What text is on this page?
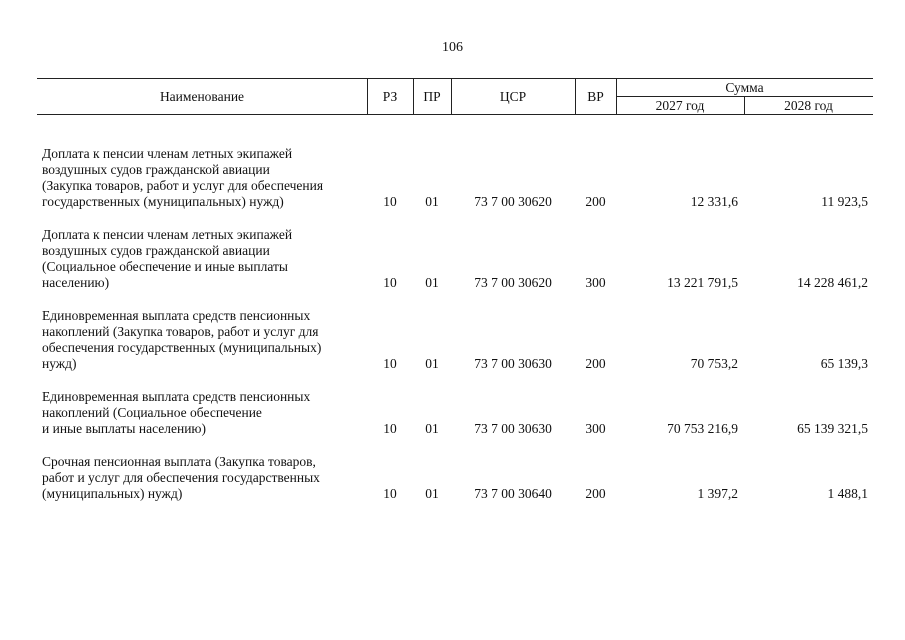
106
Наименование	РЗ	ПР	ЦСР	ВР
Сумма
2027 год	2028 год
Доплата к пенсии членам летных экипажей
воздушных судов гражданской авиации
(Закупка товаров, работ и услуг для обеспечения
государственных (муниципальных) нужд)	10	01	73 7 00 30620	200	12 331,6	11 923,5
Доплата к пенсии членам летных экипажей
воздушных судов гражданской авиации
(Социальное обеспечение и иные выплаты
населению)	10	01	73 7 00 30620	300	13 221 791,5	14 228 461,2
Единовременная выплата средств пенсионных
накоплений (Закупка товаров, работ и услуг для
обеспечения государственных (муниципальных)
нужд)	10	01	73 7 00 30630	200	70 753,2	65 139,3
Единовременная выплата средств пенсионных
накоплений (Социальное обеспечение
и иные выплаты населению)	10	01	73 7 00 30630	300	70 753 216,9	65 139 321,5
Срочная пенсионная выплата (Закупка товаров,
работ и услуг для обеспечения государственных
(муниципальных) нужд)	10	01	73 7 00 30640	200	1 397,2	1 488,1
